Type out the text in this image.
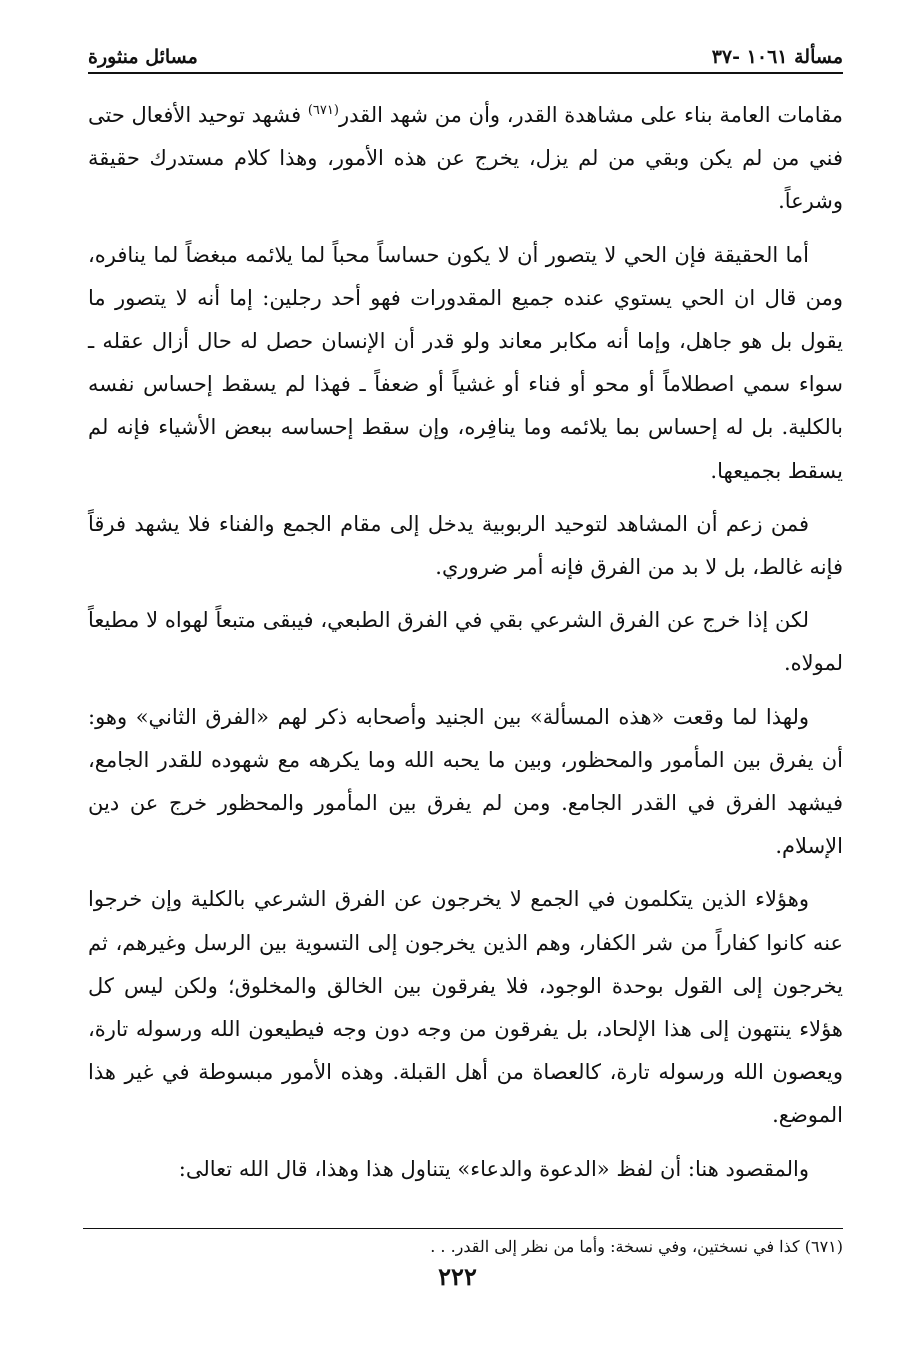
مسألة ١٠٦١ -٣٧
مسائل منثورة

مقامات العامة بناء على مشاهدة القدر، وأن من شهد القدر$^{(٦٧١)}$ فشهد توحيد الأفعال حتى فني من لم يكن وبقي من لم يزل، يخرج عن هذه الأمور، وهذا كلام مستدرك حقيقة وشرعاً.

أما الحقيقة فإن الحي لا يتصور أن لا يكون حساساً محباً لما يلائمه مبغضاً لما ينافره، ومن قال ان الحي يستوي عنده جميع المقدورات فهو أحد رجلين: إما أنه لا يتصور ما يقول بل هو جاهل، وإما أنه مكابر معاند ولو قدر أن الإنسان حصل له حال أزال عقله ـ سواء سمي اصطلاماً أو محو أو فناء أو غشياً أو ضعفاً ـ فهذا لم يسقط إحساس نفسه بالكلية. بل له إحساس بما يلائمه وما ينافِره، وإن سقط إحساسه ببعض الأشياء فإنه لم يسقط بجميعها.

فمن زعم أن المشاهد لتوحيد الربوبية يدخل إلى مقام الجمع والفناء فلا يشهد فرقاً فإنه غالط، بل لا بد من الفرق فإنه أمر ضروري.

لكن إذا خرج عن الفرق الشرعي بقي في الفرق الطبعي، فيبقى متبعاً لهواه لا مطيعاً لمولاه.

ولهذا لما وقعت «هذه المسألة» بين الجنيد وأصحابه ذكر لهم «الفرق الثاني» وهو: أن يفرق بين المأمور والمحظور، وبين ما يحبه الله وما يكرهه مع شهوده للقدر الجامع، فيشهد الفرق في القدر الجامع. ومن لم يفرق بين المأمور والمحظور خرج عن دين الإسلام.

وهؤلاء الذين يتكلمون في الجمع لا يخرجون عن الفرق الشرعي بالكلية وإن خرجوا عنه كانوا كفاراً من شر الكفار، وهم الذين يخرجون إلى التسوية بين الرسل وغيرهم، ثم يخرجون إلى القول بوحدة الوجود، فلا يفرقون بين الخالق والمخلوق؛ ولكن ليس كل هؤلاء ينتهون إلى هذا الإلحاد، بل يفرقون من وجه دون وجه فيطيعون الله ورسوله تارة، ويعصون الله ورسوله تارة، كالعصاة من أهل القبلة. وهذه الأمور مبسوطة في غير هذا الموضع.

والمقصود هنا: أن لفظ «الدعوة والدعاء» يتناول هذا وهذا، قال الله تعالى:

(٦٧١) كذا في نسختين، وفي نسخة: وأما من نظر إلى القدر. . .
٢٢٢
